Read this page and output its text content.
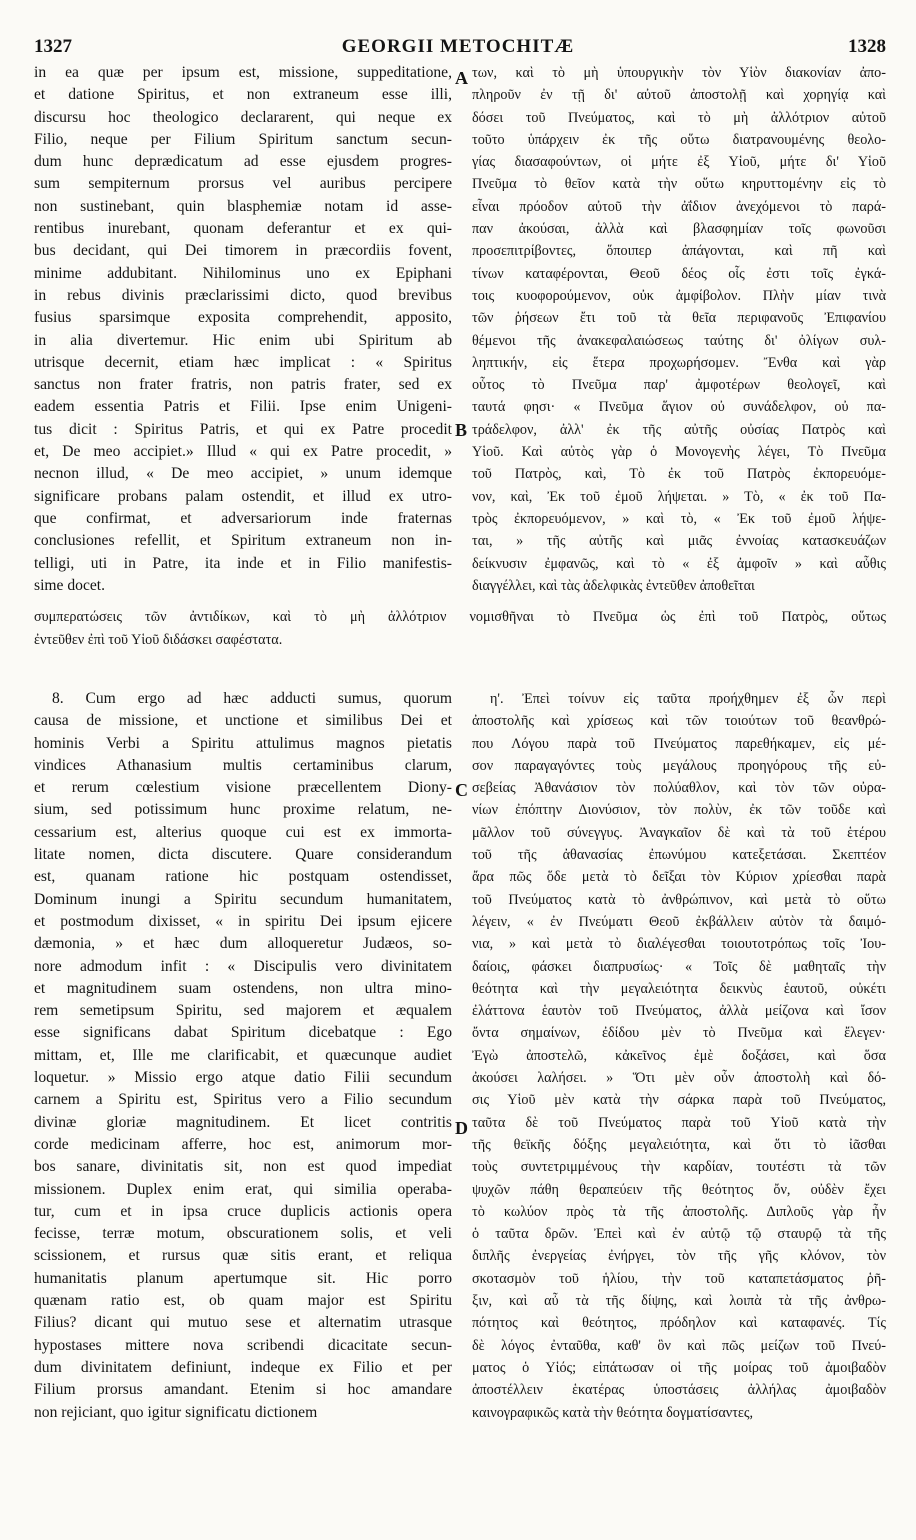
1327	GEORGII METOCHITÆ	1328
in ea quæ per ipsum est, missione, suppeditatione,
et datione Spiritus, et non extraneum esse illi,
discursu hoc theologico declararent, qui neque ex
Filio, neque per Filium Spiritum sanctum secun-
dum hunc deprædicatum ad esse ejusdem progres-
sum sempiternum prorsus vel auribus percipere
non sustinebant, quin blasphemiæ notam id asse-
rentibus inurebant, quonam deferantur et ex qui-
bus decidant, qui Dei timorem in præcordiis fovent,
minime addubitant. Nihilominus uno ex Epiphani
in rebus divinis præclarissimi dicto, quod brevibus
fusius sparsimque exposita comprehendit, apposito,
in alia divertemur. Hic enim ubi Spiritum ab
utrisque decernit, etiam hæc implicat : « Spiritus
sanctus non frater fratris, non patris frater, sed ex
eadem essentia Patris et Filii. Ipse enim Unigeni-
tus dicit : Spiritus Patris, et qui ex Patre procedit
et, De meo accipiet.» Illud « qui ex Patre procedit, »
necnon illud, « De meo accipiet, » unum idemque
significare probans palam ostendit, et illud ex utro-
que confirmat, et adversariorum inde fraternas
conclusiones refellit, et Spiritum extraneum non in-
telligi, uti in Patre, ita inde et in Filio manifestis-
sime docet.
των, καὶ τὸ μὴ ὑπουργικὴν τὸν Υἱὸν διακονίαν ἀπο-
πληροῦν ἐν τῇ δι' αὐτοῦ ἀποστολῇ καὶ χορηγίᾳ καὶ
δόσει τοῦ Πνεύματος, καὶ τὸ μὴ ἀλλότριον αὐτοῦ
τοῦτο ὑπάρχειν ἐκ τῆς οὕτω διατρανουμένης θεολο-
γίας διασαφούντων, οἱ μήτε ἐξ Υἱοῦ, μήτε δι' Υἱοῦ
Πνεῦμα τὸ θεῖον κατὰ τὴν οὕτω κηρυττομένην εἰς τὸ
εἶναι πρόοδον αὐτοῦ τὴν ἀΐδιον ἀνεχόμενοι τὸ παρά-
παν ἀκούσαι, ἀλλὰ καὶ βλασφημίαν τοῖς φωνοῦσι
προσεπιτρίβοντες, ὅποιπερ ἀπάγονται, καὶ πῆ καὶ
τίνων καταφέρονται, Θεοῦ δέος οἷς ἐστι τοῖς ἐγκά-
τοις κυοφορούμενον, οὐκ ἀμφίβολον. Πλὴν μίαν τινὰ
τῶν ῥήσεων ἔτι τοῦ τὰ θεῖα περιφανοῦς Ἐπιφανίου
θέμενοι τῆς ἀνακεφαλαιώσεως ταύτης δι' ὀλίγων συλ-
ληπτικήν, εἰς ἕτερα προχωρήσομεν. Ἔνθα καὶ γὰρ
οὗτος τὸ Πνεῦμα παρ' ἀμφοτέρων θεολογεῖ, καὶ
ταυτά φησι· « Πνεῦμα ἅγιον οὐ συνάδελφον, οὐ πα-
τράδελφον, ἀλλ' ἐκ τῆς αὐτῆς οὐσίας Πατρὸς καὶ
Υἱοῦ. Καὶ αὐτὸς γὰρ ὁ Μονογενὴς λέγει, Τὸ Πνεῦμα
τοῦ Πατρὸς, καὶ, Τὸ ἐκ τοῦ Πατρὸς ἐκπορευόμε-
νον, καὶ, Ἐκ τοῦ ἐμοῦ λήψεται. » Τὸ, « ἐκ τοῦ Πα-
τρὸς ἐκπορευόμενον, » καὶ τὸ, « Ἐκ τοῦ ἐμοῦ λήψε-
ται, » τῆς αὐτῆς καὶ μιᾶς ἐννοίας κατασκευάζων
δείκνυσιν ἐμφανῶς, καὶ τὸ « ἐξ ἀμφοῖν » καὶ αὖθις
διαγγέλλει, καὶ τὰς ἀδελφικὰς ἐντεῦθεν ἀποθεῖται
συμπερατώσεις τῶν ἀντιδίκων, καὶ τὸ μὴ ἀλλότριον νομισθῆναι τὸ Πνεῦμα ὡς ἐπὶ τοῦ Πατρὸς, οὕτως
ἐντεῦθεν ἐπὶ τοῦ Υἱοῦ διδάσκει σαφέστατα.
8. Cum ergo ad hæc adducti sumus, quorum
causa de missione, et unctione et similibus Dei et
hominis Verbi a Spiritu attulimus magnos pietatis
vindices Athanasium multis certaminibus clarum,
et rerum cœlestium visione præcellentem Diony-
sium, sed potissimum hunc proxime relatum, ne-
cessarium est, alterius quoque cui est ex immorta-
litate nomen, dicta discutere. Quare considerandum
est, quanam ratione hic postquam ostendisset,
Dominum inungi a Spiritu secundum humanitatem,
et postmodum dixisset, « in spiritu Dei ipsum ejicere
dæmonia, » et hæc dum alloqueretur Judæos, so-
nore admodum infit : « Discipulis vero divinitatem
et magnitudinem suam ostendens, non ultra mino-
rem semetipsum Spiritu, sed majorem et æqualem
esse significans dabat Spiritum dicebatque : Ego
mittam, et, Ille me clarificabit, et quæcunque audiet
loquetur. » Missio ergo atque datio Filii secundum
carnem a Spiritu est, Spiritus vero a Filio secundum
divinæ gloriæ magnitudinem. Et licet contritis
corde medicinam afferre, hoc est, animorum mor-
bos sanare, divinitatis sit, non est quod impediat
missionem. Duplex enim erat, qui similia operaba-
tur, cum et in ipsa cruce duplicis actionis opera
fecisse, terræ motum, obscurationem solis, et veli
scissionem, et rursus quæ sitis erant, et reliqua
humanitatis planum apertumque sit. Hic porro
quænam ratio est, ob quam major est Spiritu
Filius? dicant qui mutuo sese et alternatim utrasque
hypostases mittere nova scribendi dicacitate secun-
dum divinitatem definiunt, indeque ex Filio et per
Filium prorsus amandant. Etenim si hoc amandare
non rejiciant, quo igitur significatu dictionem
η'. Ἐπεὶ τοίνυν εἰς ταῦτα προήχθημεν ἐξ ὧν περὶ
ἀποστολῆς καὶ χρίσεως καὶ τῶν τοιούτων τοῦ θεανθρώ-
που Λόγου παρὰ τοῦ Πνεύματος παρεθήκαμεν, εἰς μέ-
σον παραγαγόντες τοὺς μεγάλους προηγόρους τῆς εὐ-
σεβείας Ἀθανάσιον τὸν πολύαθλον, καὶ τὸν τῶν οὐρα-
νίων ἐπόπτην Διονύσιον, τὸν πολὺν, ἐκ τῶν τοῦδε καὶ
μᾶλλον τοῦ σύνεγγυς. Ἀναγκαῖον δὲ καὶ τὰ τοῦ ἑτέρου
τοῦ τῆς ἀθανασίας ἐπωνύμου κατεξετάσαι. Σκεπτέον
ἄρα πῶς ὅδε μετὰ τὸ δεῖξαι τὸν Κύριον χρίεσθαι παρὰ
τοῦ Πνεύματος κατὰ τὸ ἀνθρώπινον, καὶ μετὰ τὸ οὕτω
λέγειν, « ἐν Πνεύματι Θεοῦ ἐκβάλλειν αὐτὸν τὰ δαιμό-
νια, » καὶ μετὰ τὸ διαλέγεσθαι τοιουτοτρόπως τοῖς Ἰου-
δαίοις, φάσκει διαπρυσίως· « Τοῖς δὲ μαθηταῖς τὴν
θεότητα καὶ τὴν μεγαλειότητα δεικνὺς ἑαυτοῦ, οὐκέτι
ἐλάττονα ἑαυτὸν τοῦ Πνεύματος, ἀλλὰ μείζονα καὶ ἴσον
ὄντα σημαίνων, ἐδίδου μὲν τὸ Πνεῦμα καὶ ἔλεγεν·
Ἐγὼ ἀποστελῶ, κἀκεῖνος ἐμὲ δοξάσει, καὶ ὅσα
ἀκούσει λαλήσει. » Ὅτι μὲν οὖν ἀποστολὴ καὶ δό-
σις Υἱοῦ μὲν κατὰ τὴν σάρκα παρὰ τοῦ Πνεύματος,
ταῦτα δὲ τοῦ Πνεύματος παρὰ τοῦ Υἱοῦ κατὰ τὴν
τῆς θεϊκῆς δόξης μεγαλειότητα, καὶ ὅτι τὸ ἰᾶσθαι
τοὺς συντετριμμένους τὴν καρδίαν, τουτέστι τὰ τῶν
ψυχῶν πάθη θεραπεύειν τῆς θεότητος ὄν, οὐδὲν ἔχει
τὸ κωλύον πρὸς τὰ τῆς ἀποστολῆς. Διπλοῦς γὰρ ἦν
ὁ ταῦτα δρῶν. Ἐπεὶ καὶ ἐν αὐτῷ τῷ σταυρῷ τὰ τῆς
διπλῆς ἐνεργείας ἐνήργει, τὸν τῆς γῆς κλόνον, τὸν
σκοτασμὸν τοῦ ἡλίου, τὴν τοῦ καταπετάσματος ῥῆ-
ξιν, καὶ αὖ τὰ τῆς δίψης, καὶ λοιπὰ τὰ τῆς ἀνθρω-
πότητος καὶ θεότητος, πρόδηλον καὶ καταφανές. Τίς
δὲ λόγος ἐνταῦθα, καθ' ὃν καὶ πῶς μείζων τοῦ Πνεύ-
ματος ὁ Υἱός; εἰπάτωσαν οἱ τῆς μοίρας τοῦ ἀμοιβαδὸν
ἀποστέλλειν ἑκατέρας ὑποστάσεις ἀλλήλας ἀμοιβαδὸν
καινογραφικῶς κατὰ τὴν θεότητα δογματίσαντες,
A
B
C
D
